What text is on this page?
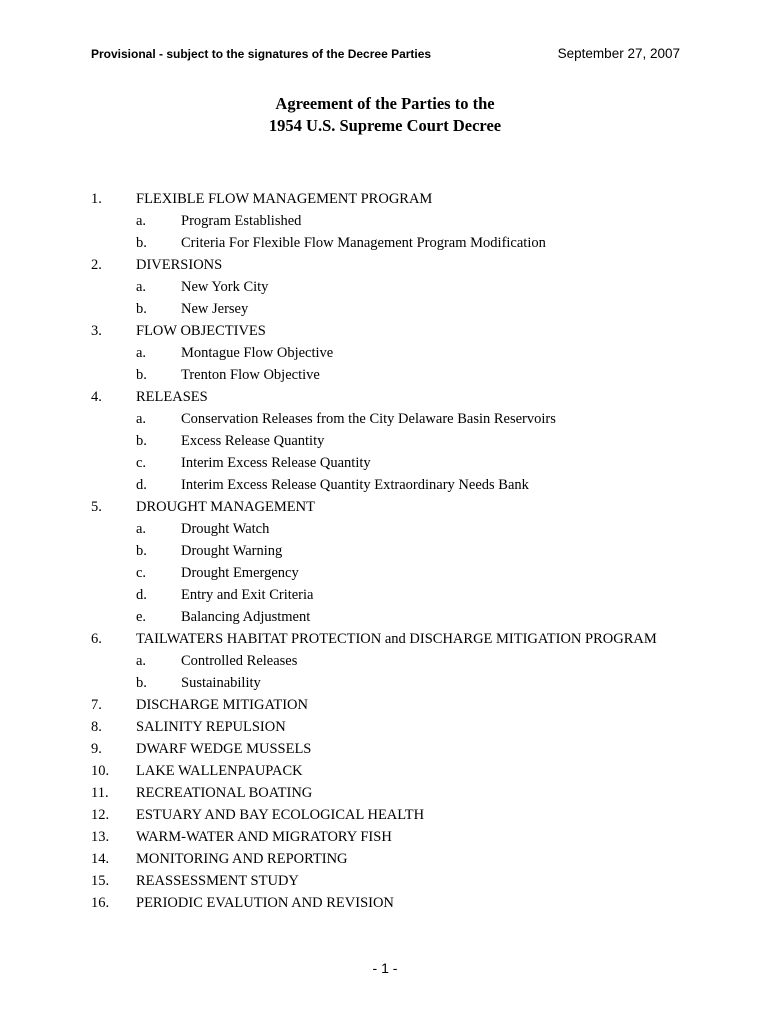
Provisional - subject to the signatures of the Decree Parties	September 27, 2007
Agreement of the Parties to the
1954 U.S. Supreme Court Decree
1. FLEXIBLE FLOW MANAGEMENT PROGRAM
a. Program Established
b. Criteria For Flexible Flow Management Program Modification
2. DIVERSIONS
a. New York City
b. New Jersey
3. FLOW OBJECTIVES
a. Montague Flow Objective
b. Trenton Flow Objective
4. RELEASES
a. Conservation Releases from the City Delaware Basin Reservoirs
b. Excess Release Quantity
c. Interim Excess Release Quantity
d. Interim Excess Release Quantity Extraordinary Needs Bank
5. DROUGHT MANAGEMENT
a. Drought Watch
b. Drought Warning
c. Drought Emergency
d. Entry and Exit Criteria
e. Balancing Adjustment
6. TAILWATERS HABITAT PROTECTION and DISCHARGE MITIGATION PROGRAM
a. Controlled Releases
b. Sustainability
7. DISCHARGE MITIGATION
8. SALINITY REPULSION
9. DWARF WEDGE MUSSELS
10. LAKE WALLENPAUPACK
11. RECREATIONAL BOATING
12. ESTUARY AND BAY ECOLOGICAL HEALTH
13. WARM-WATER AND MIGRATORY FISH
14. MONITORING AND REPORTING
15. REASSESSMENT STUDY
16. PERIODIC EVALUTION AND REVISION
- 1 -
